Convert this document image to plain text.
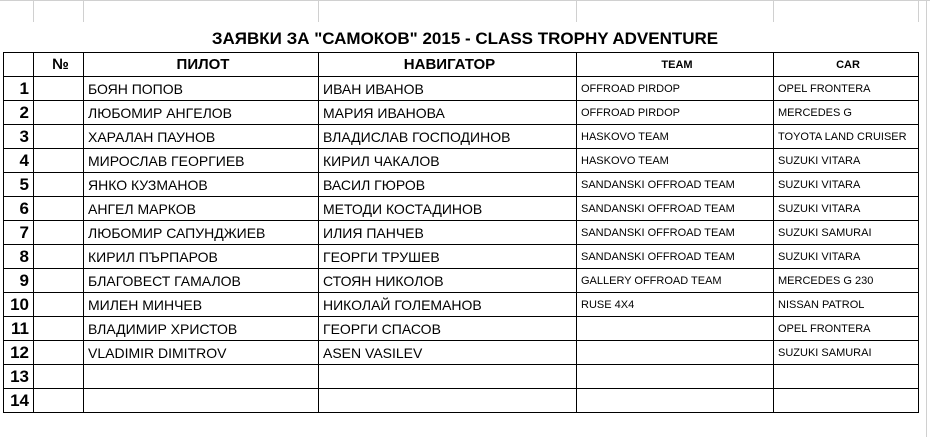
ЗАЯВКИ ЗА "САМОКОВ" 2015 - CLASS TROPHY ADVENTURE
	№	ПИЛОТ	НАВИГАТОР	TEAM	CAR
1		БОЯН ПОПОВ	ИВАН ИВАНОВ	OFFROAD PIRDOP	OPEL FRONTERA
2		ЛЮБОМИР АНГЕЛОВ	МАРИЯ ИВАНОВА	OFFROAD PIRDOP	MERCEDES G
3		ХАРАЛАН ПАУНОВ	ВЛАДИСЛАВ ГОСПОДИНОВ	HASKOVO TEAM	TOYOTA LAND CRUISER
4		МИРОСЛАВ ГЕОРГИЕВ	КИРИЛ ЧАКАЛОВ	HASKOVO TEAM	SUZUKI VITARA
5		ЯНКО КУЗМАНОВ	ВАСИЛ ГЮРОВ	SANDANSKI OFFROAD TEAM	SUZUKI VITARA
6		АНГЕЛ МАРКОВ	МЕТОДИ КОСТАДИНОВ	SANDANSKI OFFROAD TEAM	SUZUKI VITARA
7		ЛЮБОМИР САПУНДЖИЕВ	ИЛИЯ ПАНЧЕВ	SANDANSKI OFFROAD TEAM	SUZUKI SAMURAI
8		КИРИЛ ПЪРПАРОВ	ГЕОРГИ ТРУШЕВ	SANDANSKI OFFROAD TEAM	SUZUKI VITARA
9		БЛАГОВЕСТ ГАМАЛОВ	СТОЯН НИКОЛОВ	GALLERY OFFROAD TEAM	MERCEDES G 230
10		МИЛЕН МИНЧЕВ	НИКОЛАЙ ГОЛЕМАНОВ	RUSE 4X4	NISSAN PATROL
11		ВЛАДИМИР ХРИСТОВ	ГЕОРГИ СПАСОВ		OPEL FRONTERA
12		VLADIMIR DIMITROV	ASEN VASILEV		SUZUKI SAMURAI
13					
14					
